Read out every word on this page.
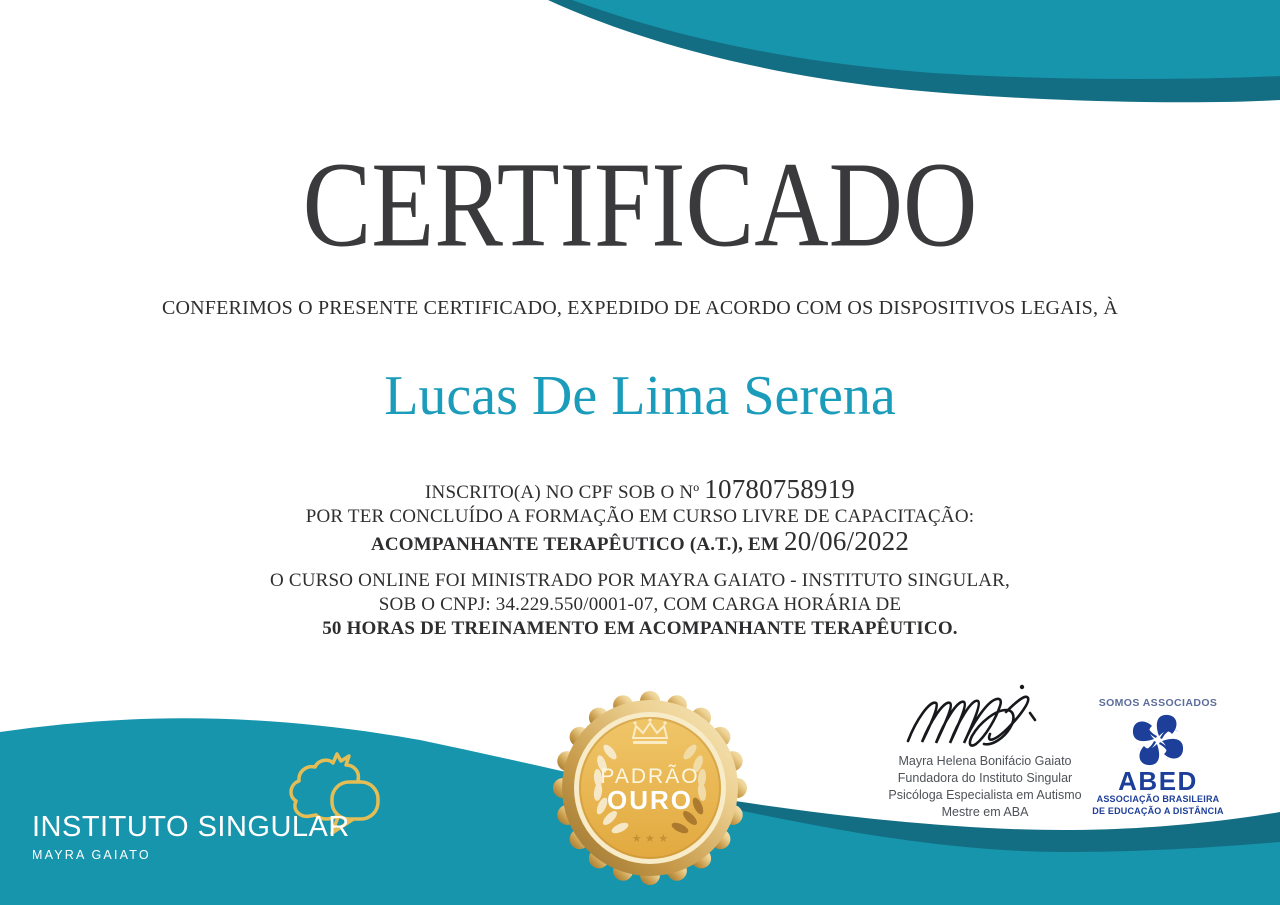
CERTIFICADO
CONFERIMOS O PRESENTE CERTIFICADO, EXPEDIDO DE ACORDO COM OS DISPOSITIVOS LEGAIS, À
Lucas De Lima Serena
INSCRITO(A) NO CPF SOB O Nº 10780758919
POR TER CONCLUÍDO A FORMAÇÃO EM CURSO LIVRE DE CAPACITAÇÃO:
ACOMPANHANTE TERAPÊUTICO (A.T.), EM 20/06/2022
O CURSO ONLINE FOI MINISTRADO POR MAYRA GAIATO - INSTITUTO SINGULAR,
SOB O CNPJ: 34.229.550/0001-07, COM CARGA HORÁRIA DE
50 HORAS DE TREINAMENTO EM ACOMPANHANTE TERAPÊUTICO.
PADRÃO
OURO
★ ★ ★
Mayra Helena Bonifácio Gaiato
Fundadora do Instituto Singular
Psicóloga Especialista em Autismo
Mestre em ABA
SOMOS ASSOCIADOS
ABED
ASSOCIAÇÃO BRASILEIRA
DE EDUCAÇÃO A DISTÂNCIA
INSTITUTO SINGULAR
MAYRA GAIATO
